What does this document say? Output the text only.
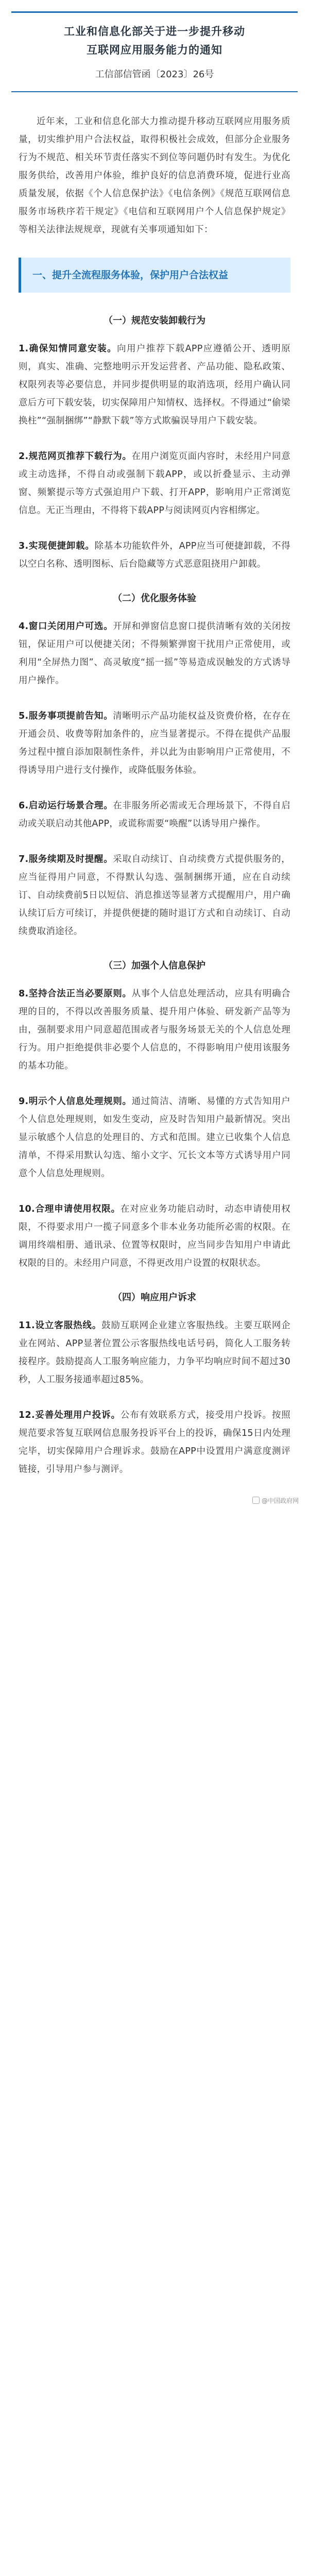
工业和信息化部关于进一步提升移动
互联网应用服务能力的通知
工信部信管函〔2023〕26号

近年来，工业和信息化部大力推动提升移动互联网应用服务质量，切实维护用户合法权益，取得积极社会成效，但部分企业服务行为不规范、相关环节责任落实不到位等问题仍时有发生。为优化服务供给，改善用户体验，维护良好的信息消费环境，促进行业高质量发展，依据《个人信息保护法》《电信条例》《规范互联网信息服务市场秩序若干规定》《电信和互联网用户个人信息保护规定》等相关法律法规规章，现就有关事项通知如下：

一、提升全流程服务体验，保护用户合法权益
（一）规范安装卸载行为

1.确保知情同意安装。向用户推荐下载APP应遵循公开、透明原则，真实、准确、完整地明示开发运营者、产品功能、隐私政策、权限列表等必要信息，并同步提供明显的取消选项，经用户确认同意后方可下载安装，切实保障用户知情权、选择权。不得通过“偷梁换柱”“强制捆绑”“静默下载”等方式欺骗误导用户下载安装。

2.规范网页推荐下载行为。在用户浏览页面内容时，未经用户同意或主动选择，不得自动或强制下载APP，或以折叠显示、主动弹窗、频繁提示等方式强迫用户下载、打开APP，影响用户正常浏览信息。无正当理由，不得将下载APP与阅读网页内容相绑定。

3.实现便捷卸载。除基本功能软件外，APP应当可便捷卸载，不得以空白名称、透明图标、后台隐藏等方式恶意阻挠用户卸载。

（二）优化服务体验

4.窗口关闭用户可选。开屏和弹窗信息窗口提供清晰有效的关闭按钮，保证用户可以便捷关闭；不得频繁弹窗干扰用户正常使用，或利用“全屏热力图”、高灵敏度“摇一摇”等易造成误触发的方式诱导用户操作。

5.服务事项提前告知。清晰明示产品功能权益及资费价格，在存在开通会员、收费等附加条件的，应当显著提示。不得在提供产品服务过程中擅自添加限制性条件，并以此为由影响用户正常使用，不得诱导用户进行支付操作，或降低服务体验。

6.启动运行场景合理。在非服务所必需或无合理场景下，不得自启动或关联启动其他APP，或谎称需要“唤醒”以诱导用户操作。

7.服务续期及时提醒。采取自动续订、自动续费方式提供服务的，应当征得用户同意，不得默认勾选、强制捆绑开通，应在自动续订、自动续费前5日以短信、消息推送等显著方式提醒用户，用户确认续订后方可续订，并提供便捷的随时退订方式和自动续订、自动续费取消途径。

（三）加强个人信息保护

8.坚持合法正当必要原则。从事个人信息处理活动，应具有明确合理的目的，不得以改善服务质量、提升用户体验、研发新产品等为由，强制要求用户同意超范围或者与服务场景无关的个人信息处理行为。用户拒绝提供非必要个人信息的，不得影响用户使用该服务的基本功能。

9.明示个人信息处理规则。通过简洁、清晰、易懂的方式告知用户个人信息处理规则，如发生变动，应及时告知用户最新情况。突出显示敏感个人信息的处理目的、方式和范围。建立已收集个人信息清单，不得采用默认勾选、缩小文字、冗长文本等方式诱导用户同意个人信息处理规则。

10.合理申请使用权限。在对应业务功能启动时，动态申请使用权限，不得要求用户一揽子同意多个非本业务功能所必需的权限。在调用终端相册、通讯录、位置等权限时，应当同步告知用户申请此权限的目的。未经用户同意，不得更改用户设置的权限状态。

（四）响应用户诉求

11.设立客服热线。鼓励互联网企业建立客服热线。主要互联网企业在网站、APP显著位置公示客服热线电话号码，简化人工服务转接程序。鼓励提高人工服务响应能力，力争平均响应时间不超过30秒，人工服务接通率超过85%。

12.妥善处理用户投诉。公布有效联系方式，接受用户投诉。按照规范要求答复互联网信息服务投诉平台上的投诉，确保15日内处理完毕，切实保障用户合理诉求。鼓励在APP中设置用户满意度测评链接，引导用户参与测评。

@中国政府网
